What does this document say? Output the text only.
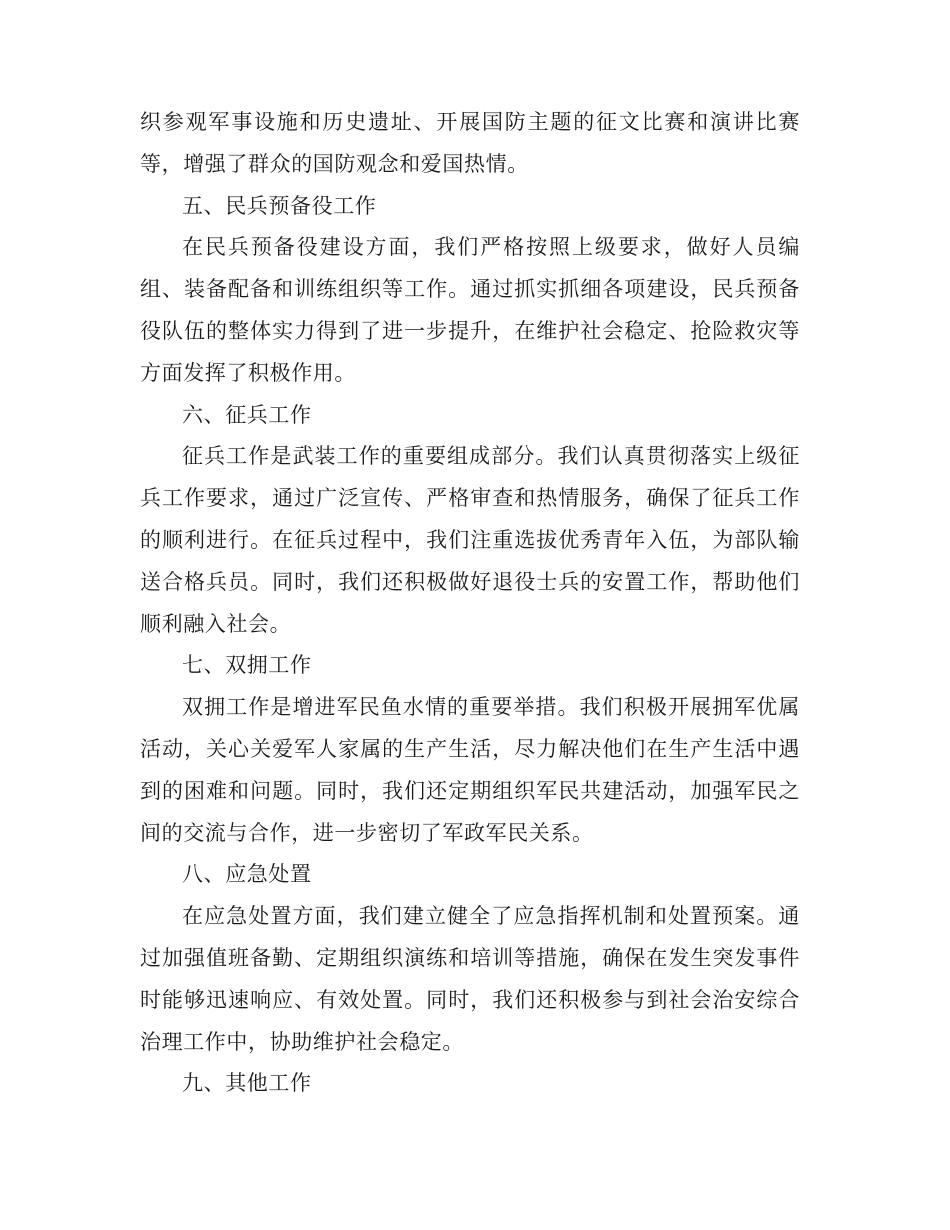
织参观军事设施和历史遗址、开展国防主题的征文比赛和演讲比赛等，增强了群众的国防观念和爱国热情。

五、民兵预备役工作

在民兵预备役建设方面，我们严格按照上级要求，做好人员编组、装备配备和训练组织等工作。通过抓实抓细各项建设，民兵预备役队伍的整体实力得到了进一步提升，在维护社会稳定、抢险救灾等方面发挥了积极作用。

六、征兵工作

征兵工作是武装工作的重要组成部分。我们认真贯彻落实上级征兵工作要求，通过广泛宣传、严格审查和热情服务，确保了征兵工作的顺利进行。在征兵过程中，我们注重选拔优秀青年入伍，为部队输送合格兵员。同时，我们还积极做好退役士兵的安置工作，帮助他们顺利融入社会。

七、双拥工作

双拥工作是增进军民鱼水情的重要举措。我们积极开展拥军优属活动，关心关爱军人家属的生产生活，尽力解决他们在生产生活中遇到的困难和问题。同时，我们还定期组织军民共建活动，加强军民之间的交流与合作，进一步密切了军政军民关系。

八、应急处置

在应急处置方面，我们建立健全了应急指挥机制和处置预案。通过加强值班备勤、定期组织演练和培训等措施，确保在发生突发事件时能够迅速响应、有效处置。同时，我们还积极参与到社会治安综合治理工作中，协助维护社会稳定。

九、其他工作
